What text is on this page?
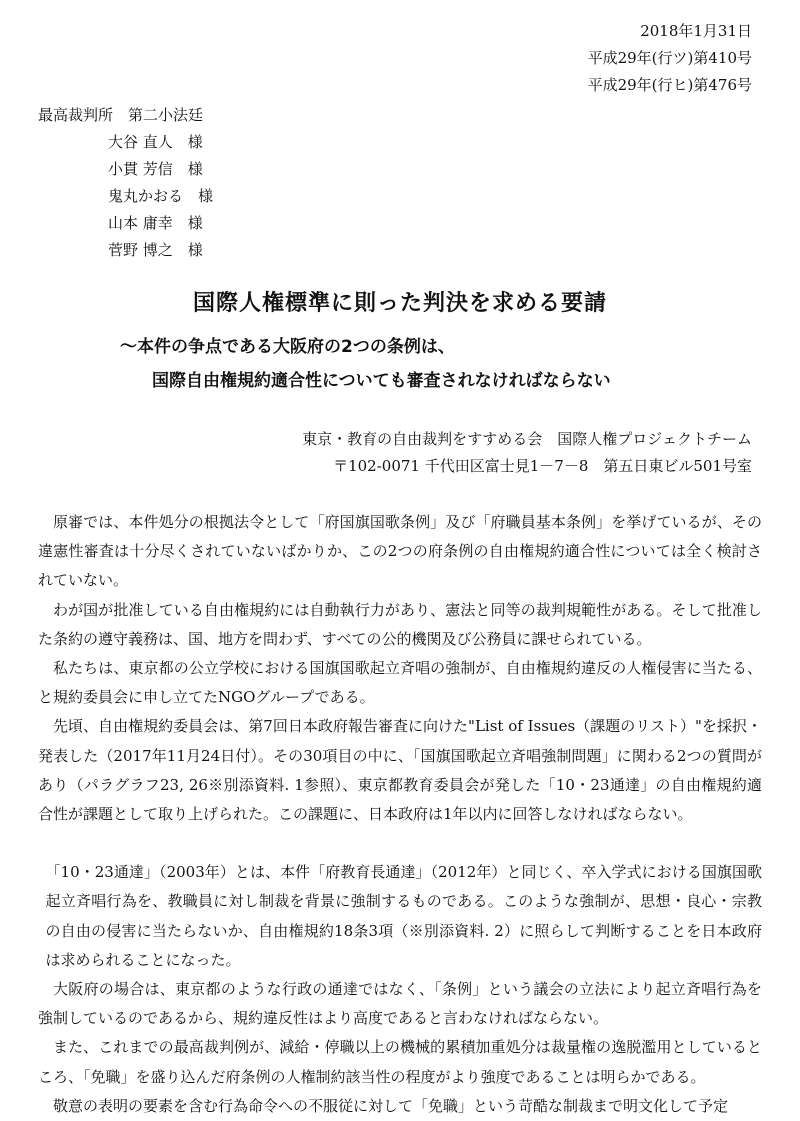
2018年1月31日
平成29年(行ツ)第410号
平成29年(行ヒ)第476号
最高裁判所　第二小法廷
大谷 直人　様
小貫 芳信　様
鬼丸かおる　様
山本 庸幸　様
菅野 博之　様
国際人権標準に則った判決を求める要請
～本件の争点である大阪府の2つの条例は、
国際自由権規約適合性についても審査されなければならない
東京・教育の自由裁判をすすめる会　国際人権プロジェクトチーム
〒102-0071 千代田区富士見1－7－8　第五日東ビル501号室

原審では、本件処分の根拠法令として「府国旗国歌条例」及び「府職員基本条例」を挙げているが、その違憲性審査は十分尽くされていないばかりか、この2つの府条例の自由権規約適合性については全く検討されていない。

わが国が批准している自由権規約には自動執行力があり、憲法と同等の裁判規範性がある。そして批准した条約の遵守義務は、国、地方を問わず、すべての公的機関及び公務員に課せられている。

私たちは、東京都の公立学校における国旗国歌起立斉唱の強制が、自由権規約違反の人権侵害に当たる、と規約委員会に申し立てたNGOグループである。

先頃、自由権規約委員会は、第7回日本政府報告審査に向けた"List of Issues（課題のリスト）"を採択・発表した（2017年11月24日付）。その30項目の中に、「国旗国歌起立斉唱強制問題」に関わる2つの質問があり（パラグラフ23, 26※別添資料. 1参照）、東京都教育委員会が発した「10・23通達」の自由権規約適合性が課題として取り上げられた。この課題に、日本政府は1年以内に回答しなければならない。

「10・23通達」（2003年）とは、本件「府教育長通達」（2012年）と同じく、卒入学式における国旗国歌起立斉唱行為を、教職員に対し制裁を背景に強制するものである。このような強制が、思想・良心・宗教の自由の侵害に当たらないか、自由権規約18条3項（※別添資料. 2）に照らして判断することを日本政府は求められることになった。

大阪府の場合は、東京都のような行政の通達ではなく、「条例」という議会の立法により起立斉唱行為を強制しているのであるから、規約違反性はより高度であると言わなければならない。

また、これまでの最高裁判例が、減給・停職以上の機械的累積加重処分は裁量権の逸脱濫用としているところ、「免職」を盛り込んだ府条例の人権制約該当性の程度がより強度であることは明らかである。

敬意の表明の要素を含む行為命令への不服従に対して「免職」という苛酷な制裁まで明文化して予定
